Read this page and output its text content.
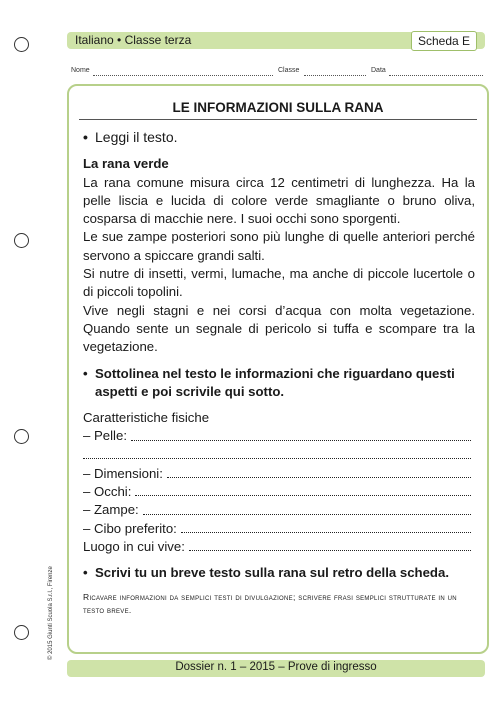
Italiano • Classe terza	Scheda E
Nome	Classe	Data
LE INFORMAZIONI SULLA RANA

• Leggi il testo.

La rana verde

La rana comune misura circa 12 centimetri di lunghezza. Ha la pelle liscia e lucida di colore verde smagliante o bruno oliva, cosparsa di macchie nere. I suoi occhi sono sporgenti.

Le sue zampe posteriori sono più lunghe di quelle anteriori perché servono a spiccare grandi salti.

Si nutre di insetti, vermi, lumache, ma anche di piccole lucertole o di piccoli topolini.

Vive negli stagni e nei corsi d’acqua con molta vegetazione. Quando sente un segnale di pericolo si tuffa e scompare tra la vegetazione.

• Sottolinea nel testo le informazioni che riguardano questi aspetti e poi scrivile qui sotto.

Caratteristiche fisiche

– Pelle:
– Dimensioni:
– Occhi:
– Zampe:
– Cibo preferito:
Luogo in cui vive:

• Scrivi tu un breve testo sulla rana sul retro della scheda.

Ricavare informazioni da semplici testi di divulgazione; scrivere frasi semplici strutturate in un testo breve.

© 2015 Giunti Scuola S.r.l., Firenze
Dossier n. 1 – 2015 – Prove di ingresso
